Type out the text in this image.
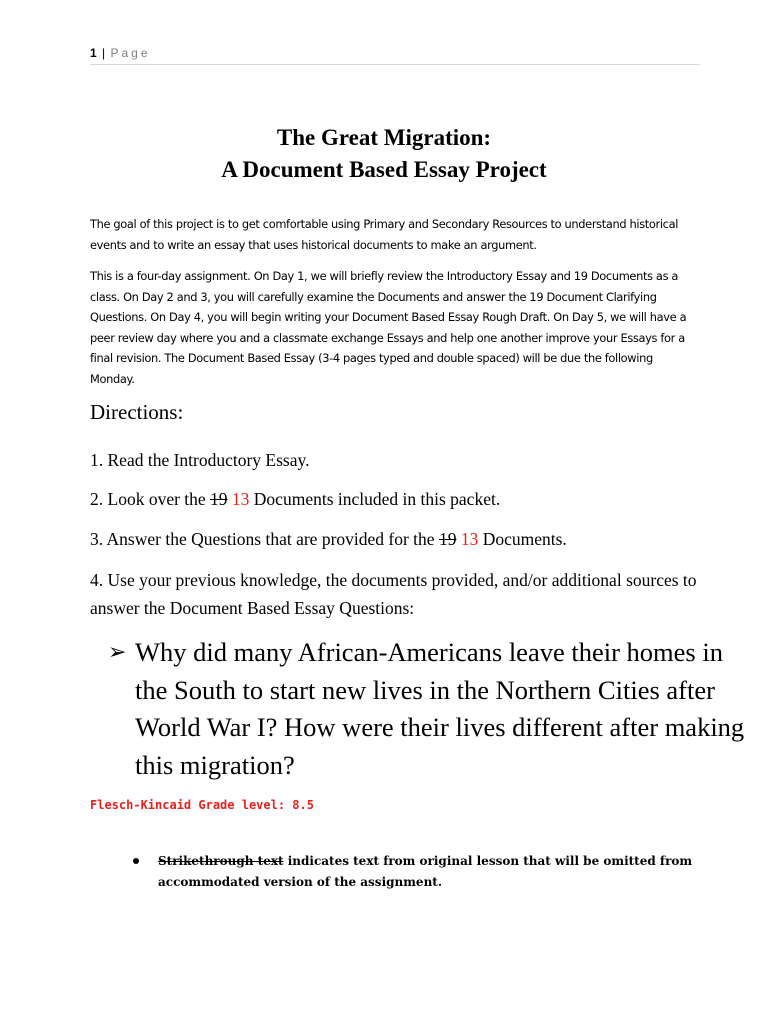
1 | Page
The Great Migration:
A Document Based Essay Project
The goal of this project is to get comfortable using Primary and Secondary Resources to understand historical events and to write an essay that uses historical documents to make an argument.
This is a four-day assignment. On Day 1, we will briefly review the Introductory Essay and 19 Documents as a class. On Day 2 and 3, you will carefully examine the Documents and answer the 19 Document Clarifying Questions. On Day 4, you will begin writing your Document Based Essay Rough Draft. On Day 5, we will have a peer review day where you and a classmate exchange Essays and help one another improve your Essays for a final revision. The Document Based Essay (3-4 pages typed and double spaced) will be due the following Monday.
Directions:
1. Read the Introductory Essay.
2. Look over the 19 13 Documents included in this packet.
3. Answer the Questions that are provided for the 19 13 Documents.
4. Use your previous knowledge, the documents provided, and/or additional sources to answer the Document Based Essay Questions:
➢ Why did many African-Americans leave their homes in the South to start new lives in the Northern Cities after World War I? How were their lives different after making this migration?
Flesch-Kincaid Grade level: 8.5
Strikethrough text indicates text from original lesson that will be omitted from accommodated version of the assignment.
